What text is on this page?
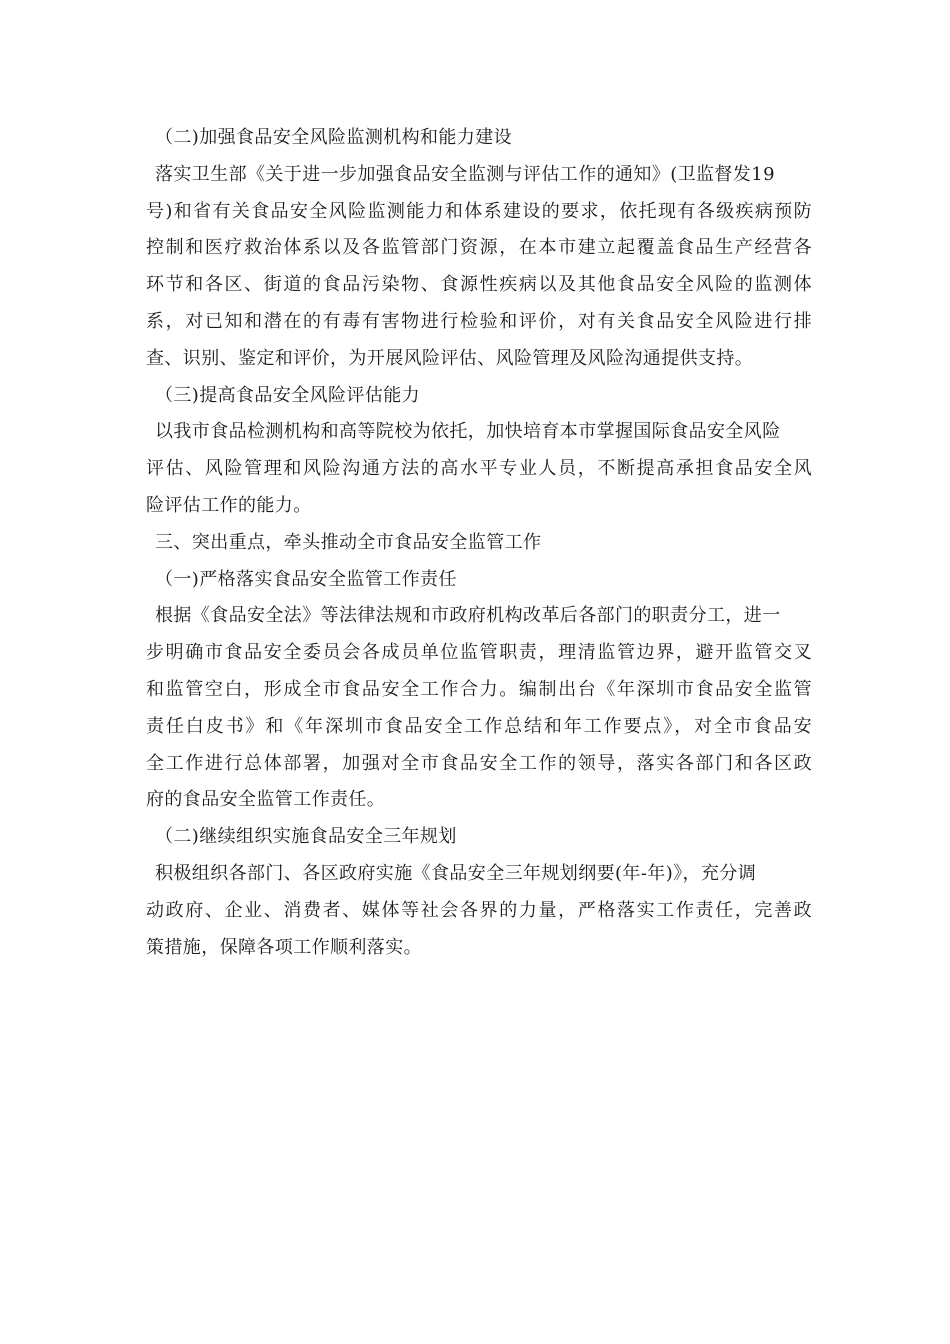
（二)加强食品安全风险监测机构和能力建设
落实卫生部《关于进一步加强食品安全监测与评估工作的通知》(卫监督发19
号)和省有关食品安全风险监测能力和体系建设的要求，依托现有各级疾病预防
控制和医疗救治体系以及各监管部门资源，在本市建立起覆盖食品生产经营各
环节和各区、街道的食品污染物、食源性疾病以及其他食品安全风险的监测体
系，对已知和潜在的有毒有害物进行检验和评价，对有关食品安全风险进行排
查、识别、鉴定和评价，为开展风险评估、风险管理及风险沟通提供支持。
（三)提高食品安全风险评估能力
以我市食品检测机构和高等院校为依托，加快培育本市掌握国际食品安全风险
评估、风险管理和风险沟通方法的高水平专业人员，不断提高承担食品安全风
险评估工作的能力。
三、突出重点，牵头推动全市食品安全监管工作
（一)严格落实食品安全监管工作责任
根据《食品安全法》等法律法规和市政府机构改革后各部门的职责分工，进一
步明确市食品安全委员会各成员单位监管职责，理清监管边界，避开监管交叉
和监管空白，形成全市食品安全工作合力。编制出台《年深圳市食品安全监管
责任白皮书》和《年深圳市食品安全工作总结和年工作要点》，对全市食品安
全工作进行总体部署，加强对全市食品安全工作的领导，落实各部门和各区政
府的食品安全监管工作责任。
（二)继续组织实施食品安全三年规划
积极组织各部门、各区政府实施《食品安全三年规划纲要(年-年)》，充分调
动政府、企业、消费者、媒体等社会各界的力量，严格落实工作责任，完善政
策措施，保障各项工作顺利落实。
